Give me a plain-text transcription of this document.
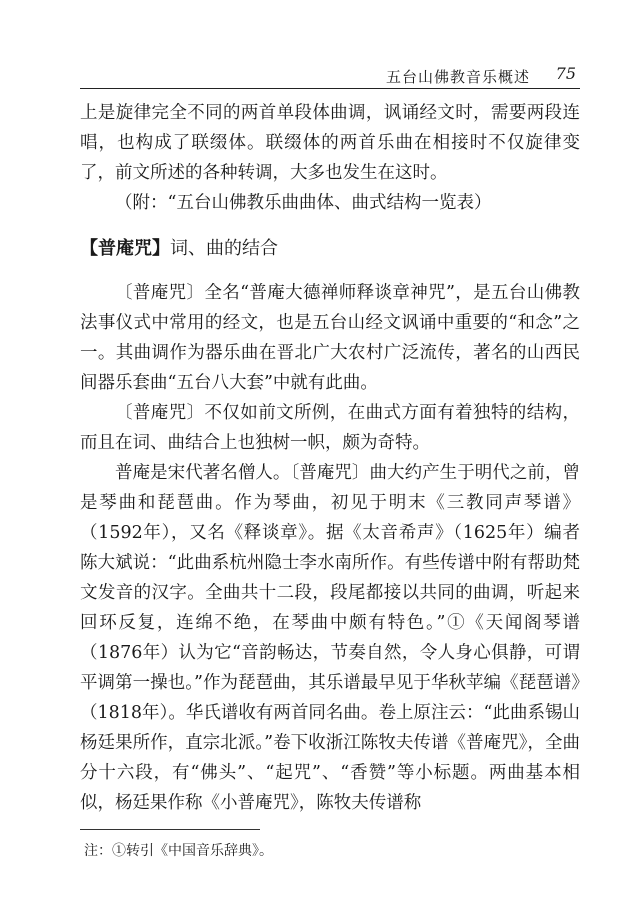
五台山佛教音乐概述 75

上是旋律完全不同的两首单段体曲调，讽诵经文时，需要两段连唱，也构成了联缀体。联缀体的两首乐曲在相接时不仅旋律变了，前文所述的各种转调，大多也发生在这时。

（附：“五台山佛教乐曲曲体、曲式结构一览表）

【普庵咒】词、曲的结合

〔普庵咒〕全名“普庵大德禅师释谈章神咒”，是五台山佛教法事仪式中常用的经文，也是五台山经文讽诵中重要的“和念”之一。其曲调作为器乐曲在晋北广大农村广泛流传，著名的山西民间器乐套曲“五台八大套”中就有此曲。

〔普庵咒〕不仅如前文所例，在曲式方面有着独特的结构，而且在词、曲结合上也独树一帜，颇为奇特。

普庵是宋代著名僧人。〔普庵咒〕曲大约产生于明代之前，曾是琴曲和琵琶曲。作为琴曲，初见于明末《三教同声琴谱》（1592年），又名《释谈章》。据《太音希声》（1625年）编者陈大斌说：“此曲系杭州隐士李水南所作。有些传谱中附有帮助梵文发音的汉字。全曲共十二段，段尾都接以共同的曲调，听起来回环反复，连绵不绝，在琴曲中颇有特色。”①《天闻阁琴谱（1876年）认为它“音韵畅达，节奏自然，令人身心俱静，可谓平调第一操也。”作为琵琶曲，其乐谱最早见于华秋苹编《琵琶谱》（1818年）。华氏谱收有两首同名曲。卷上原注云：“此曲系锡山杨廷果所作，直宗北派。”卷下收浙江陈牧夫传谱《普庵咒》，全曲分十六段，有“佛头”、“起咒”、“香赞”等小标题。两曲基本相似，杨廷果作称《小普庵咒》，陈牧夫传谱称

注：①转引《中国音乐辞典》。
